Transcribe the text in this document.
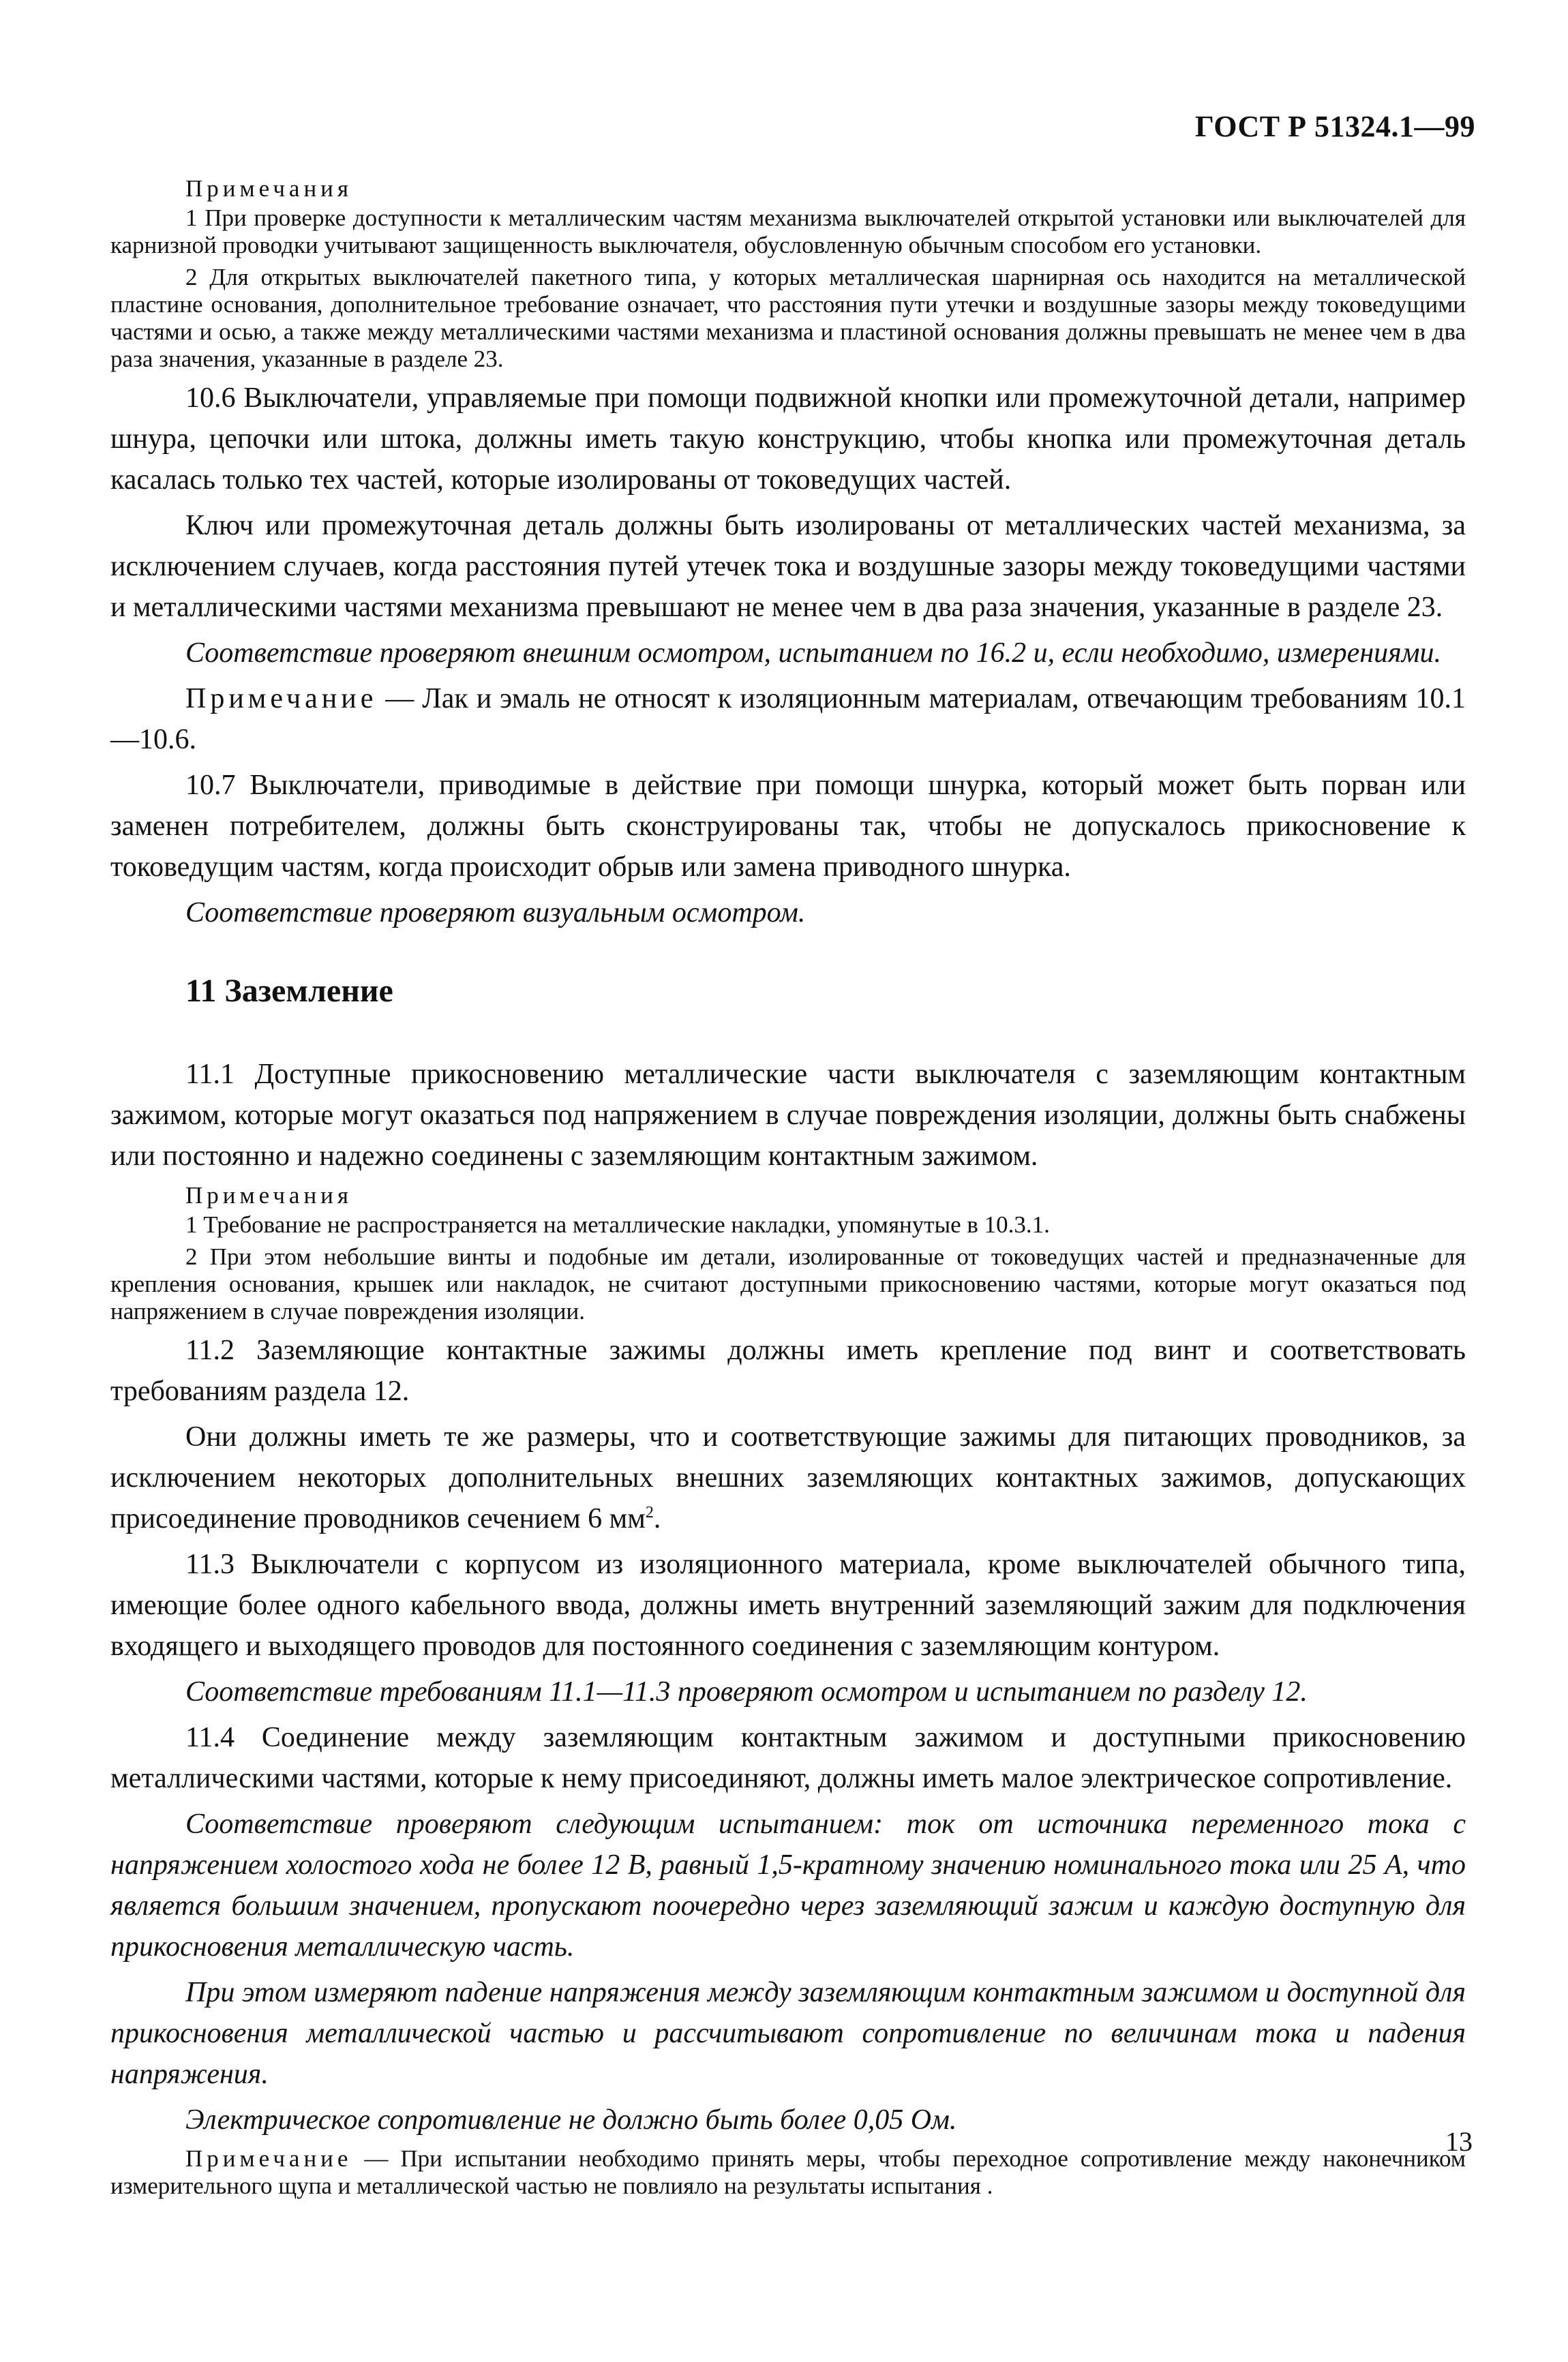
ГОСТ Р 51324.1—99
Примечания

1 При проверке доступности к металлическим частям механизма выключателей открытой установки или выключателей для карнизной проводки учитывают защищенность выключателя, обусловленную обычным способом его установки.

2 Для открытых выключателей пакетного типа, у которых металлическая шарнирная ось находится на металлической пластине основания, дополнительное требование означает, что расстояния пути утечки и воздушные зазоры между токоведущими частями и осью, а также между металлическими частями механизма и пластиной основания должны превышать не менее чем в два раза значения, указанные в разделе 23.

10.6 Выключатели, управляемые при помощи подвижной кнопки или промежуточной детали, например шнура, цепочки или штока, должны иметь такую конструкцию, чтобы кнопка или промежуточная деталь касалась только тех частей, которые изолированы от токоведущих частей.

Ключ или промежуточная деталь должны быть изолированы от металлических частей механизма, за исключением случаев, когда расстояния путей утечек тока и воздушные зазоры между токоведущими частями и металлическими частями механизма превышают не менее чем в два раза значения, указанные в разделе 23.

Соответствие проверяют внешним осмотром, испытанием по 16.2 и, если необходимо, измерениями.

Примечание — Лак и эмаль не относят к изоляционным материалам, отвечающим требованиям 10.1—10.6.

10.7 Выключатели, приводимые в действие при помощи шнурка, который может быть порван или заменен потребителем, должны быть сконструированы так, чтобы не допускалось прикосновение к токоведущим частям, когда происходит обрыв или замена приводного шнурка.

Соответствие проверяют визуальным осмотром.

11 Заземление

11.1 Доступные прикосновению металлические части выключателя с заземляющим контактным зажимом, которые могут оказаться под напряжением в случае повреждения изоляции, должны быть снабжены или постоянно и надежно соединены с заземляющим контактным зажимом.

Примечания

1 Требование не распространяется на металлические накладки, упомянутые в 10.3.1.

2 При этом небольшие винты и подобные им детали, изолированные от токоведущих частей и предназначенные для крепления основания, крышек или накладок, не считают доступными прикосновению частями, которые могут оказаться под напряжением в случае повреждения изоляции.

11.2 Заземляющие контактные зажимы должны иметь крепление под винт и соответствовать требованиям раздела 12.

Они должны иметь те же размеры, что и соответствующие зажимы для питающих проводников, за исключением некоторых дополнительных внешних заземляющих контактных зажимов, допускающих присоединение проводников сечением 6 $мм^2$.

11.3 Выключатели с корпусом из изоляционного материала, кроме выключателей обычного типа, имеющие более одного кабельного ввода, должны иметь внутренний заземляющий зажим для подключения входящего и выходящего проводов для постоянного соединения с заземляющим контуром.

Соответствие требованиям 11.1—11.3 проверяют осмотром и испытанием по разделу 12.

11.4 Соединение между заземляющим контактным зажимом и доступными прикосновению металлическими частями, которые к нему присоединяют, должны иметь малое электрическое сопротивление.

Соответствие проверяют следующим испытанием: ток от источника переменного тока с напряжением холостого хода не более 12 В, равный 1,5-кратному значению номинального тока или 25 А, что является большим значением, пропускают поочередно через заземляющий зажим и каждую доступную для прикосновения металлическую часть.

При этом измеряют падение напряжения между заземляющим контактным зажимом и доступной для прикосновения металлической частью и рассчитывают сопротивление по величинам тока и падения напряжения.

Электрическое сопротивление не должно быть более 0,05 Ом.

Примечание — При испытании необходимо принять меры, чтобы переходное сопротивление между наконечником измерительного щупа и металлической частью не повлияло на результаты испытания .

13
